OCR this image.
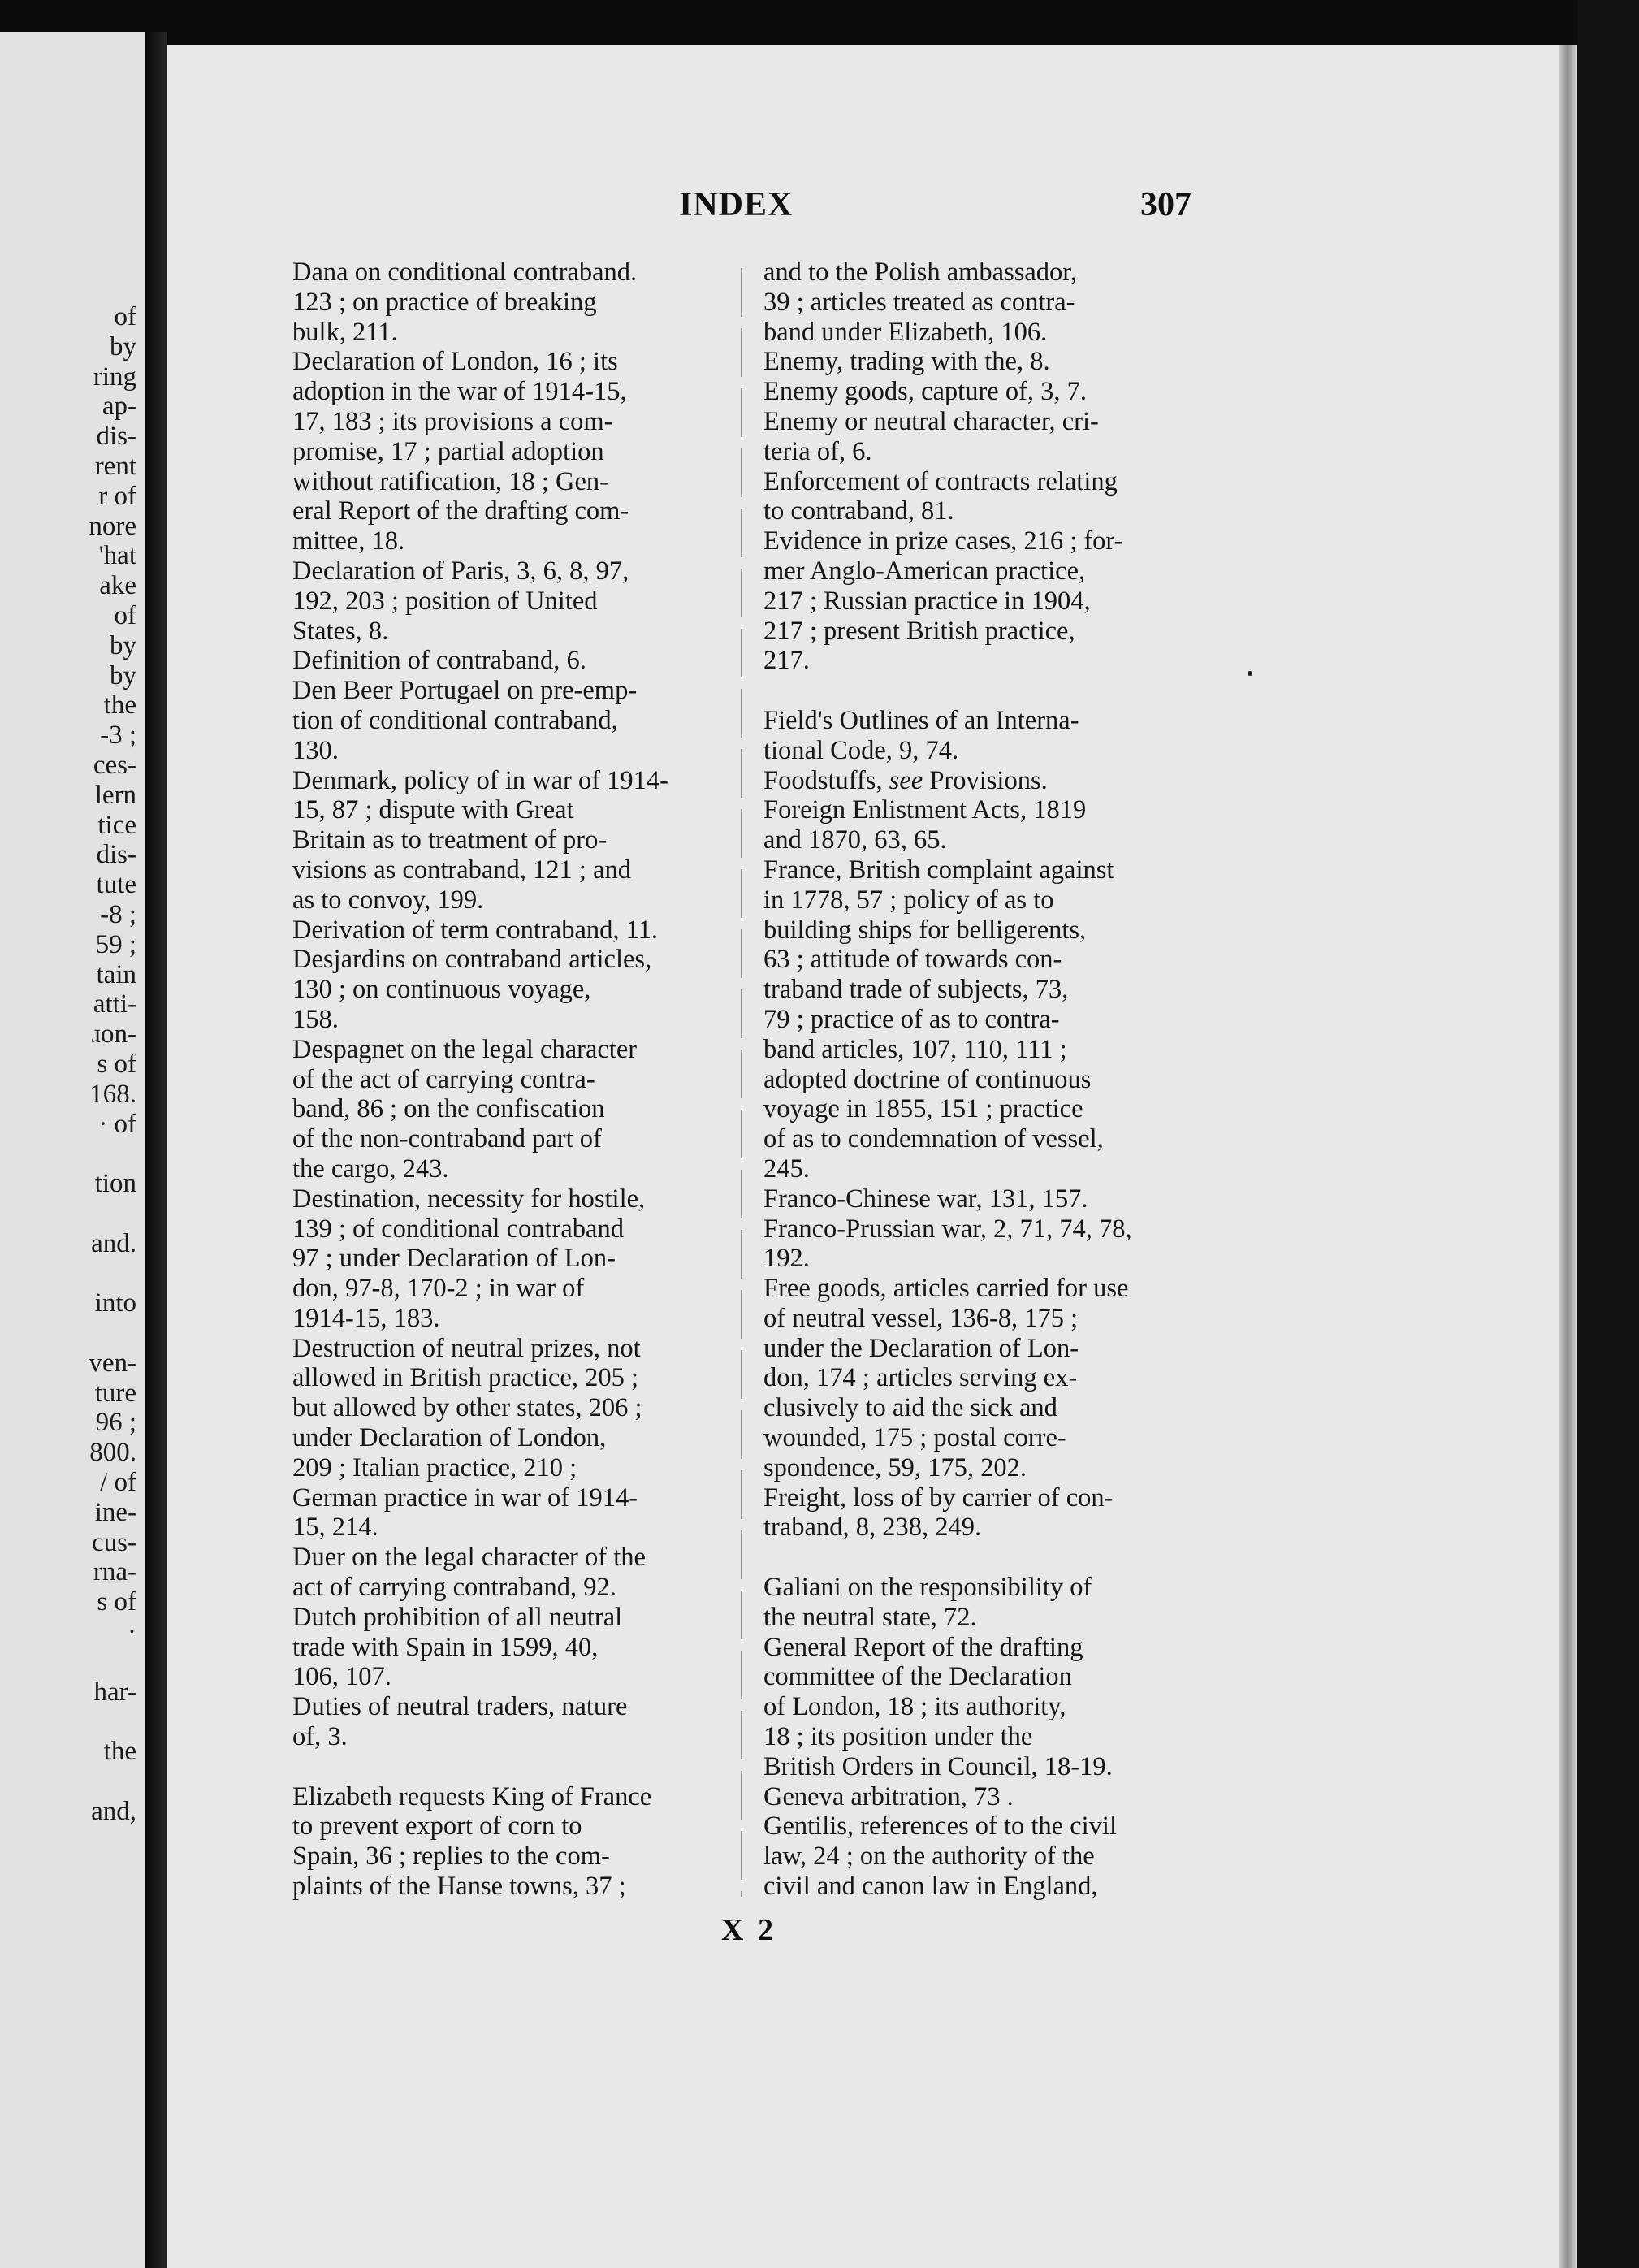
of
by
ring
ap-
dis-
rent
r of
nore
'hat
ake
of
by
by
the
-3 ;
ces-
lern
tice
dis-
tute
-8 ;
59 ;
tain
atti-
ɹon-
s of
168.
· of
tion
and.
into
ven-
ture
96 ;
800.
/ of
ine-
cus-
rna-
s of
·
har-
the
and,
INDEX	307
Dana on conditional contraband.
123 ; on practice of breaking
bulk, 211.
Declaration of London, 16 ; its
adoption in the war of 1914-15,
17, 183 ; its provisions a com-
promise, 17 ; partial adoption
without ratification, 18 ; Gen-
eral Report of the drafting com-
mittee, 18.
Declaration of Paris, 3, 6, 8, 97,
192, 203 ; position of United
States, 8.
Definition of contraband, 6.
Den Beer Portugael on pre-emp-
tion of conditional contraband,
130.
Denmark, policy of in war of 1914-
15, 87 ; dispute with Great
Britain as to treatment of pro-
visions as contraband, 121 ; and
as to convoy, 199.
Derivation of term contraband, 11.
Desjardins on contraband articles,
130 ; on continuous voyage,
158.
Despagnet on the legal character
of the act of carrying contra-
band, 86 ; on the confiscation
of the non-contraband part of
the cargo, 243.
Destination, necessity for hostile,
139 ; of conditional contraband
97 ; under Declaration of Lon-
don, 97-8, 170-2 ; in war of
1914-15, 183.
Destruction of neutral prizes, not
allowed in British practice, 205 ;
but allowed by other states, 206 ;
under Declaration of London,
209 ; Italian practice, 210 ;
German practice in war of 1914-
15, 214.
Duer on the legal character of the
act of carrying contraband, 92.
Dutch prohibition of all neutral
trade with Spain in 1599, 40,
106, 107.
Duties of neutral traders, nature
of, 3.
Elizabeth requests King of France
to prevent export of corn to
Spain, 36 ; replies to the com-
plaints of the Hanse towns, 37 ;
and to the Polish ambassador,
39 ; articles treated as contra-
band under Elizabeth, 106.
Enemy, trading with the, 8.
Enemy goods, capture of, 3, 7.
Enemy or neutral character, cri-
teria of, 6.
Enforcement of contracts relating
to contraband, 81.
Evidence in prize cases, 216 ; for-
mer Anglo-American practice,
217 ; Russian practice in 1904,
217 ; present British practice,
217.
Field's Outlines of an Interna-
tional Code, 9, 74.
Foodstuffs, see Provisions.
Foreign Enlistment Acts, 1819
and 1870, 63, 65.
France, British complaint against
in 1778, 57 ; policy of as to
building ships for belligerents,
63 ; attitude of towards con-
traband trade of subjects, 73,
79 ; practice of as to contra-
band articles, 107, 110, 111 ;
adopted doctrine of continuous
voyage in 1855, 151 ; practice
of as to condemnation of vessel,
245.
Franco-Chinese war, 131, 157.
Franco-Prussian war, 2, 71, 74, 78,
192.
Free goods, articles carried for use
of neutral vessel, 136-8, 175 ;
under the Declaration of Lon-
don, 174 ; articles serving ex-
clusively to aid the sick and
wounded, 175 ; postal corre-
spondence, 59, 175, 202.
Freight, loss of by carrier of con-
traband, 8, 238, 249.
Galiani on the responsibility of
the neutral state, 72.
General Report of the drafting
committee of the Declaration
of London, 18 ; its authority,
18 ; its position under the
British Orders in Council, 18-19.
Geneva arbitration, 73 .
Gentilis, references of to the civil
law, 24 ; on the authority of the
civil and canon law in England,
X 2
